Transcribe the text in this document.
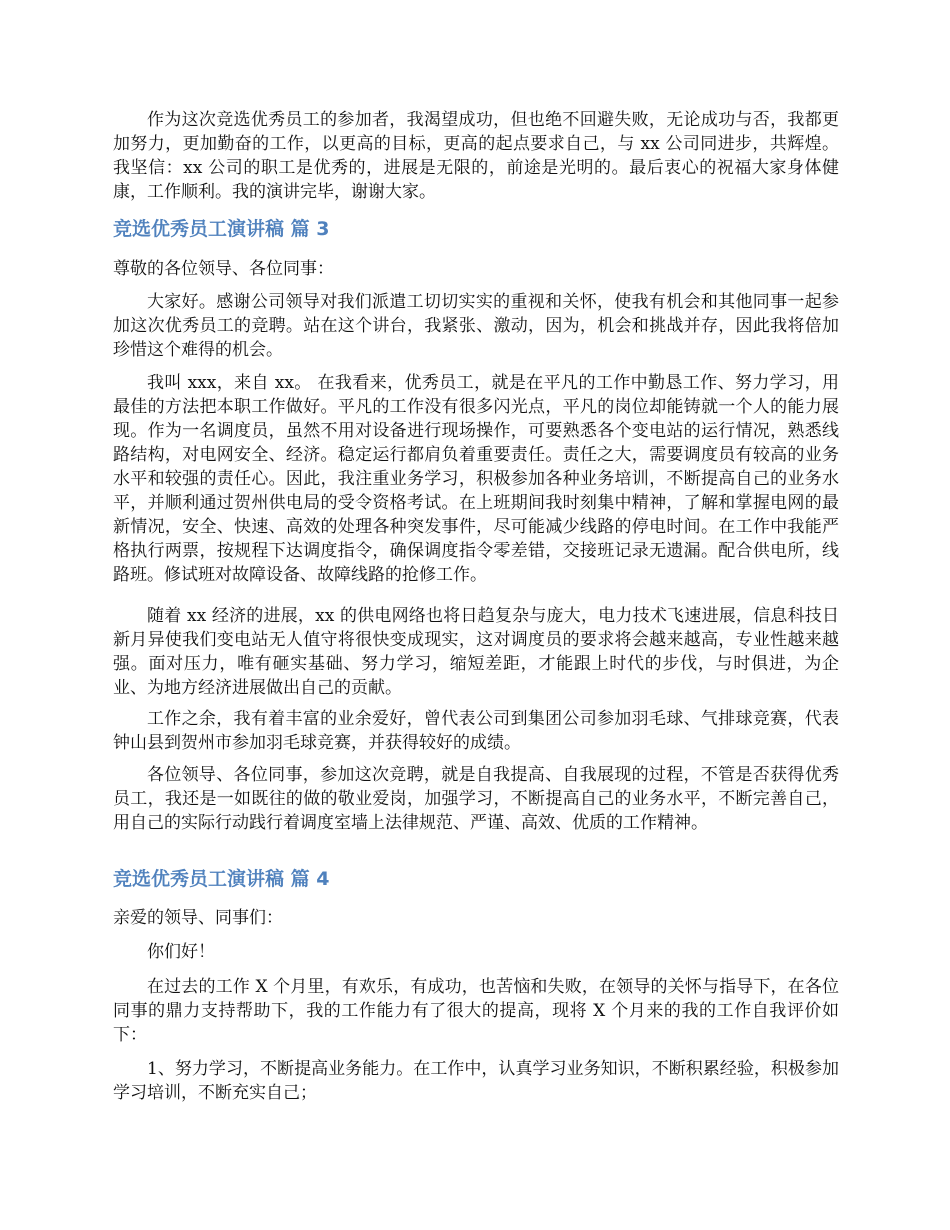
作为这次竞选优秀员工的参加者，我渴望成功，但也绝不回避失败，无论成功与否，我都更加努力，更加勤奋的工作，以更高的目标，更高的起点要求自己，与 xx 公司同进步，共辉煌。我坚信：xx 公司的职工是优秀的，进展是无限的，前途是光明的。最后衷心的祝福大家身体健康，工作顺利。我的演讲完毕，谢谢大家。

竞选优秀员工演讲稿 篇 3

尊敬的各位领导、各位同事：

大家好。感谢公司领导对我们派遣工切切实实的重视和关怀，使我有机会和其他同事一起参加这次优秀员工的竞聘。站在这个讲台，我紧张、激动，因为，机会和挑战并存，因此我将倍加珍惜这个难得的机会。

我叫 xxx，来自 xx。 在我看来，优秀员工，就是在平凡的工作中勤恳工作、努力学习，用最佳的方法把本职工作做好。平凡的工作没有很多闪光点，平凡的岗位却能铸就一个人的能力展现。作为一名调度员，虽然不用对设备进行现场操作，可要熟悉各个变电站的运行情况，熟悉线路结构，对电网安全、经济。稳定运行都肩负着重要责任。责任之大，需要调度员有较高的业务水平和较强的责任心。因此，我注重业务学习，积极参加各种业务培训，不断提高自己的业务水平，并顺利通过贺州供电局的受令资格考试。在上班期间我时刻集中精神，了解和掌握电网的最新情况，安全、快速、高效的处理各种突发事件，尽可能减少线路的停电时间。在工作中我能严格执行两票，按规程下达调度指令，确保调度指令零差错，交接班记录无遗漏。配合供电所，线路班。修试班对故障设备、故障线路的抢修工作。

随着 xx 经济的进展，xx 的供电网络也将日趋复杂与庞大，电力技术飞速进展，信息科技日新月异使我们变电站无人值守将很快变成现实，这对调度员的要求将会越来越高，专业性越来越强。面对压力，唯有砸实基础、努力学习，缩短差距，才能跟上时代的步伐，与时俱进，为企业、为地方经济进展做出自己的贡献。

工作之余，我有着丰富的业余爱好，曾代表公司到集团公司参加羽毛球、气排球竞赛，代表钟山县到贺州市参加羽毛球竞赛，并获得较好的成绩。

各位领导、各位同事，参加这次竞聘，就是自我提高、自我展现的过程，不管是否获得优秀员工，我还是一如既往的做的敬业爱岗，加强学习，不断提高自己的业务水平，不断完善自己，用自己的实际行动践行着调度室墙上法律规范、严谨、高效、优质的工作精神。

竞选优秀员工演讲稿 篇 4

亲爱的领导、同事们：

你们好！

在过去的工作 X 个月里，有欢乐，有成功，也苦恼和失败，在领导的关怀与指导下，在各位同事的鼎力支持帮助下，我的工作能力有了很大的提高，现将 X 个月来的我的工作自我评价如下：

1、努力学习，不断提高业务能力。在工作中，认真学习业务知识，不断积累经验，积极参加学习培训，不断充实自己；
